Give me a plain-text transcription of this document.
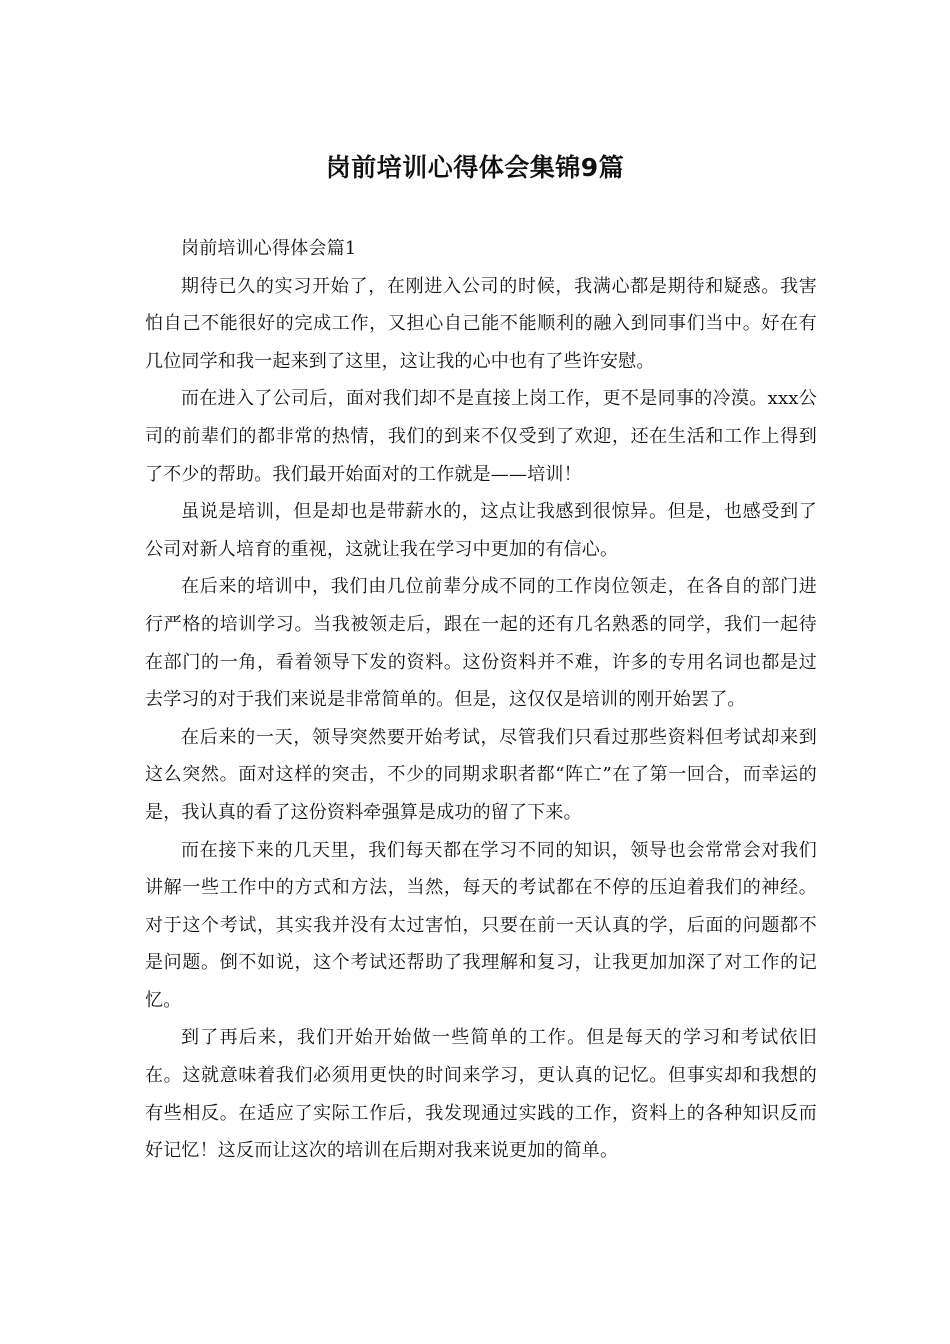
岗前培训心得体会集锦9篇

岗前培训心得体会篇1

期待已久的实习开始了，在刚进入公司的时候，我满心都是期待和疑惑。我害怕自己不能很好的完成工作，又担心自己能不能顺利的融入到同事们当中。好在有几位同学和我一起来到了这里，这让我的心中也有了些许安慰。

而在进入了公司后，面对我们却不是直接上岗工作，更不是同事的冷漠。xxx公司的前辈们的都非常的热情，我们的到来不仅受到了欢迎，还在生活和工作上得到了不少的帮助。我们最开始面对的工作就是——培训！

虽说是培训，但是却也是带薪水的，这点让我感到很惊异。但是，也感受到了公司对新人培育的重视，这就让我在学习中更加的有信心。

在后来的培训中，我们由几位前辈分成不同的工作岗位领走，在各自的部门进行严格的培训学习。当我被领走后，跟在一起的还有几名熟悉的同学，我们一起待在部门的一角，看着领导下发的资料。这份资料并不难，许多的专用名词也都是过去学习的对于我们来说是非常简单的。但是，这仅仅是培训的刚开始罢了。

在后来的一天，领导突然要开始考试，尽管我们只看过那些资料但考试却来到这么突然。面对这样的突击，不少的同期求职者都“阵亡”在了第一回合，而幸运的是，我认真的看了这份资料牵强算是成功的留了下来。

而在接下来的几天里，我们每天都在学习不同的知识，领导也会常常会对我们讲解一些工作中的方式和方法，当然，每天的考试都在不停的压迫着我们的神经。对于这个考试，其实我并没有太过害怕，只要在前一天认真的学，后面的问题都不是问题。倒不如说，这个考试还帮助了我理解和复习，让我更加加深了对工作的记忆。

到了再后来，我们开始开始做一些简单的工作。但是每天的学习和考试依旧在。这就意味着我们必须用更快的时间来学习，更认真的记忆。但事实却和我想的有些相反。在适应了实际工作后，我发现通过实践的工作，资料上的各种知识反而好记忆！这反而让这次的培训在后期对我来说更加的简单。
